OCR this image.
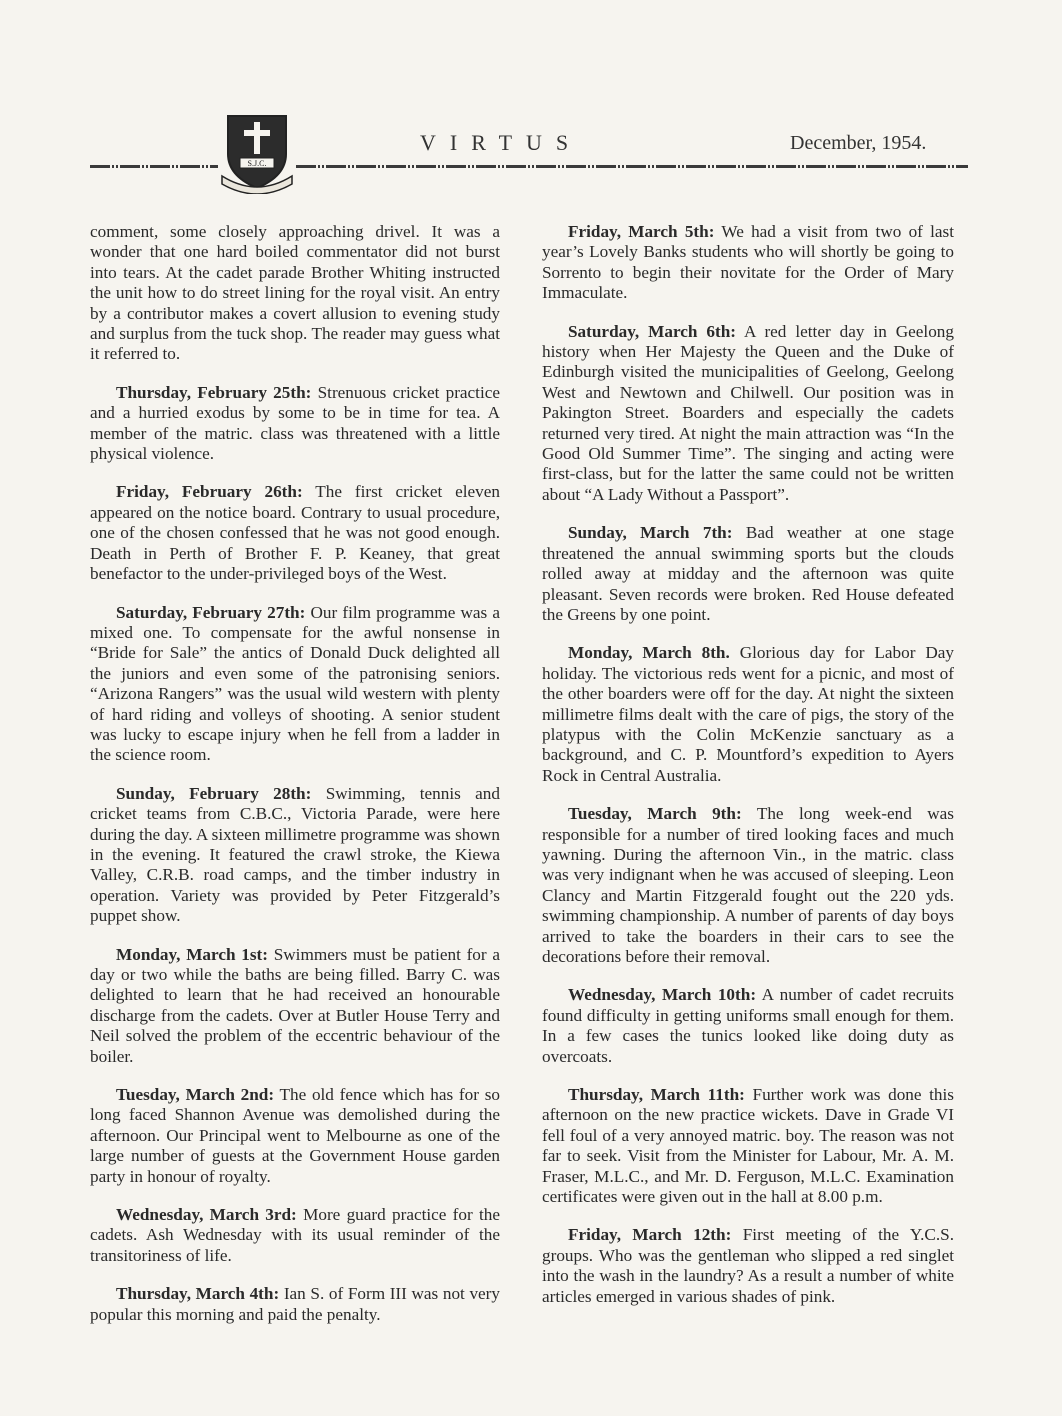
S.J.C.
VIRTUS	December, 1954.

comment, some closely approaching drivel. It was a wonder that one hard boiled commentator did not burst into tears. At the cadet parade Brother Whiting instructed the unit how to do street lining for the royal visit. An entry by a contributor makes a covert allusion to evening study and surplus from the tuck shop. The reader may guess what it referred to.

Thursday, February 25th: Strenuous cricket practice and a hurried exodus by some to be in time for tea. A member of the matric. class was threatened with a little physical violence.

Friday, February 26th: The first cricket eleven appeared on the notice board. Contrary to usual procedure, one of the chosen confessed that he was not good enough. Death in Perth of Brother F. P. Keaney, that great benefactor to the under-privileged boys of the West.

Saturday, February 27th: Our film programme was a mixed one. To compensate for the awful nonsense in “Bride for Sale” the antics of Donald Duck delighted all the juniors and even some of the patronising seniors. “Arizona Rangers” was the usual wild western with plenty of hard riding and volleys of shooting. A senior student was lucky to escape injury when he fell from a ladder in the science room.

Sunday, February 28th: Swimming, tennis and cricket teams from C.B.C., Victoria Parade, were here during the day. A sixteen millimetre programme was shown in the evening. It featured the crawl stroke, the Kiewa Valley, C.R.B. road camps, and the timber industry in operation. Variety was provided by Peter Fitzgerald’s puppet show.

Monday, March 1st: Swimmers must be patient for a day or two while the baths are being filled. Barry C. was delighted to learn that he had received an honourable discharge from the cadets. Over at Butler House Terry and Neil solved the problem of the eccentric behaviour of the boiler.

Tuesday, March 2nd: The old fence which has for so long faced Shannon Avenue was demolished during the afternoon. Our Principal went to Melbourne as one of the large number of guests at the Government House garden party in honour of royalty.

Wednesday, March 3rd: More guard practice for the cadets. Ash Wednesday with its usual reminder of the transitoriness of life.

Thursday, March 4th: Ian S. of Form III was not very popular this morning and paid the penalty.

Friday, March 5th: We had a visit from two of last year’s Lovely Banks students who will shortly be going to Sorrento to begin their novitate for the Order of Mary Immaculate.

Saturday, March 6th: A red letter day in Geelong history when Her Majesty the Queen and the Duke of Edinburgh visited the municipalities of Geelong, Geelong West and Newtown and Chilwell. Our position was in Pakington Street. Boarders and especially the cadets returned very tired. At night the main attraction was “In the Good Old Summer Time”. The singing and acting were first-class, but for the latter the same could not be written about “A Lady Without a Passport”.

Sunday, March 7th: Bad weather at one stage threatened the annual swimming sports but the clouds rolled away at midday and the afternoon was quite pleasant. Seven records were broken. Red House defeated the Greens by one point.

Monday, March 8th. Glorious day for Labor Day holiday. The victorious reds went for a picnic, and most of the other boarders were off for the day. At night the sixteen millimetre films dealt with the care of pigs, the story of the platypus with the Colin McKenzie sanctuary as a background, and C. P. Mountford’s expedition to Ayers Rock in Central Australia.

Tuesday, March 9th: The long week-end was responsible for a number of tired looking faces and much yawning. During the afternoon Vin., in the matric. class was very indignant when he was accused of sleeping. Leon Clancy and Martin Fitzgerald fought out the 220 yds. swimming championship. A number of parents of day boys arrived to take the boarders in their cars to see the decorations before their removal.

Wednesday, March 10th: A number of cadet recruits found difficulty in getting uniforms small enough for them. In a few cases the tunics looked like doing duty as overcoats.

Thursday, March 11th: Further work was done this afternoon on the new practice wickets. Dave in Grade VI fell foul of a very annoyed matric. boy. The reason was not far to seek. Visit from the Minister for Labour, Mr. A. M. Fraser, M.L.C., and Mr. D. Ferguson, M.L.C. Examination certificates were given out in the hall at 8.00 p.m.

Friday, March 12th: First meeting of the Y.C.S. groups. Who was the gentleman who slipped a red singlet into the wash in the laundry? As a result a number of white articles emerged in various shades of pink.
